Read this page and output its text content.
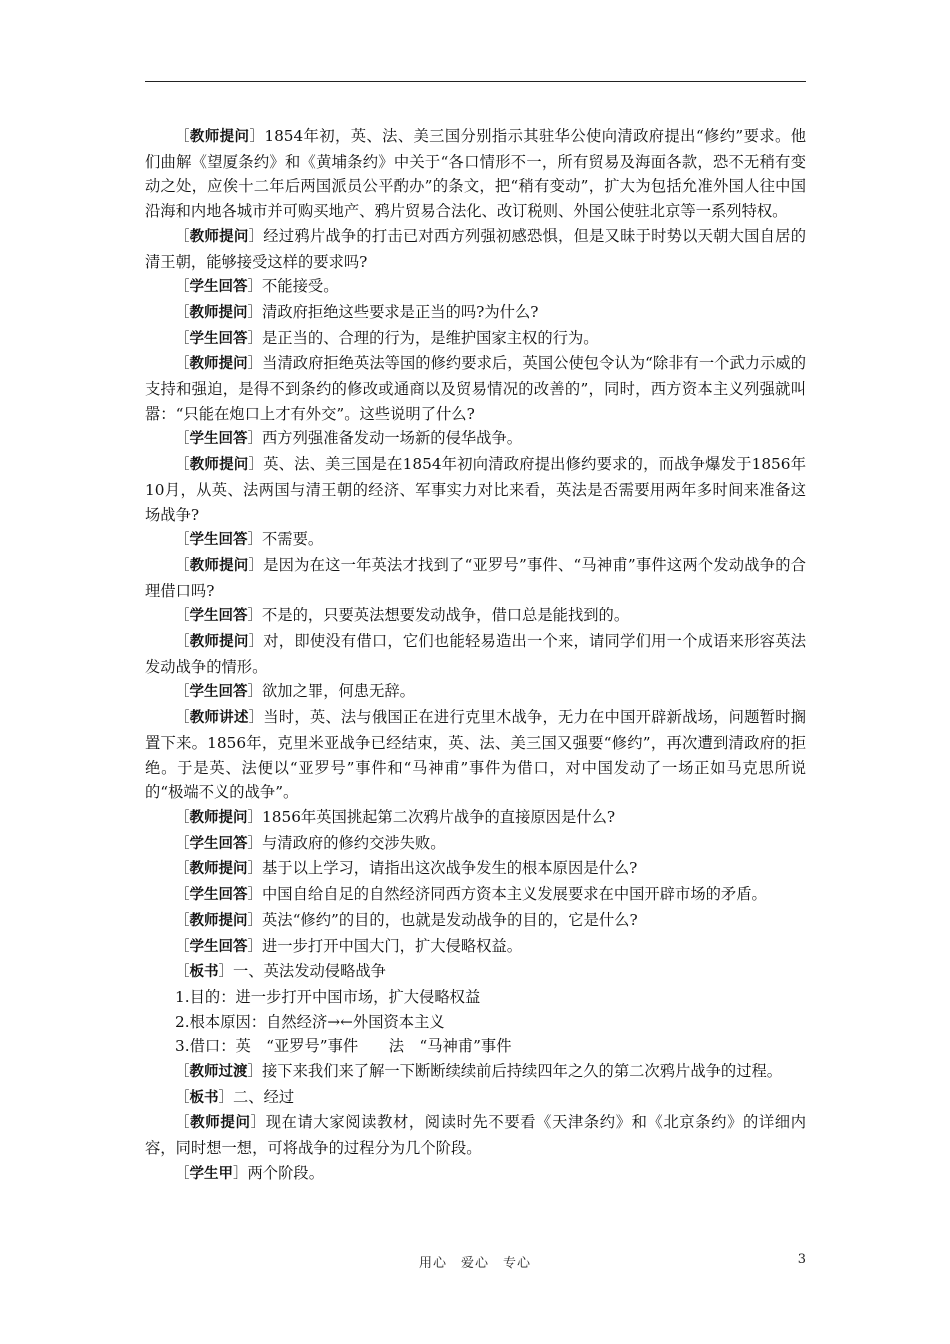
［教师提问］1854年初，英、法、美三国分别指示其驻华公使向清政府提出“修约”要求。他们曲解《望厦条约》和《黄埔条约》中关于“各口情形不一，所有贸易及海面各款，恐不无稍有变动之处，应俟十二年后两国派员公平酌办”的条文，把“稍有变动”，扩大为包括允准外国人往中国沿海和内地各城市并可购买地产、鸦片贸易合法化、改订税则、外国公使驻北京等一系列特权。

［教师提问］经过鸦片战争的打击已对西方列强初感恐惧，但是又昧于时势以天朝大国自居的清王朝，能够接受这样的要求吗?

［学生回答］不能接受。

［教师提问］清政府拒绝这些要求是正当的吗?为什么?

［学生回答］是正当的、合理的行为，是维护国家主权的行为。

［教师提问］当清政府拒绝英法等国的修约要求后，英国公使包令认为“除非有一个武力示威的支持和强迫，是得不到条约的修改或通商以及贸易情况的改善的”，同时，西方资本主义列强就叫嚣：“只能在炮口上才有外交”。这些说明了什么?

［学生回答］西方列强准备发动一场新的侵华战争。

［教师提问］英、法、美三国是在1854年初向清政府提出修约要求的，而战争爆发于1856年10月，从英、法两国与清王朝的经济、军事实力对比来看，英法是否需要用两年多时间来准备这场战争?

［学生回答］不需要。

［教师提问］是因为在这一年英法才找到了“亚罗号”事件、“马神甫”事件这两个发动战争的合理借口吗?

［学生回答］不是的，只要英法想要发动战争，借口总是能找到的。

［教师提问］对，即使没有借口，它们也能轻易造出一个来，请同学们用一个成语来形容英法发动战争的情形。

［学生回答］欲加之罪，何患无辞。

［教师讲述］当时，英、法与俄国正在进行克里木战争，无力在中国开辟新战场，问题暂时搁置下来。1856年，克里米亚战争已经结束，英、法、美三国又强要“修约”，再次遭到清政府的拒绝。于是英、法便以“亚罗号”事件和“马神甫”事件为借口，对中国发动了一场正如马克思所说的“极端不义的战争”。

［教师提问］1856年英国挑起第二次鸦片战争的直接原因是什么?

［学生回答］与清政府的修约交涉失败。

［教师提问］基于以上学习，请指出这次战争发生的根本原因是什么?

［学生回答］中国自给自足的自然经济同西方资本主义发展要求在中国开辟市场的矛盾。

［教师提问］英法“修约”的目的，也就是发动战争的目的，它是什么?

［学生回答］进一步打开中国大门，扩大侵略权益。

［板书］一、英法发动侵略战争

1.目的：进一步打开中国市场，扩大侵略权益

2.根本原因：自然经济→←外国资本主义

3.借口：英　“亚罗号”事件　　法　“马神甫”事件

［教师过渡］接下来我们来了解一下断断续续前后持续四年之久的第二次鸦片战争的过程。

［板书］二、经过

［教师提问］现在请大家阅读教材，阅读时先不要看《天津条约》和《北京条约》的详细内容，同时想一想，可将战争的过程分为几个阶段。

［学生甲］两个阶段。

用心　爱心　专心	3
